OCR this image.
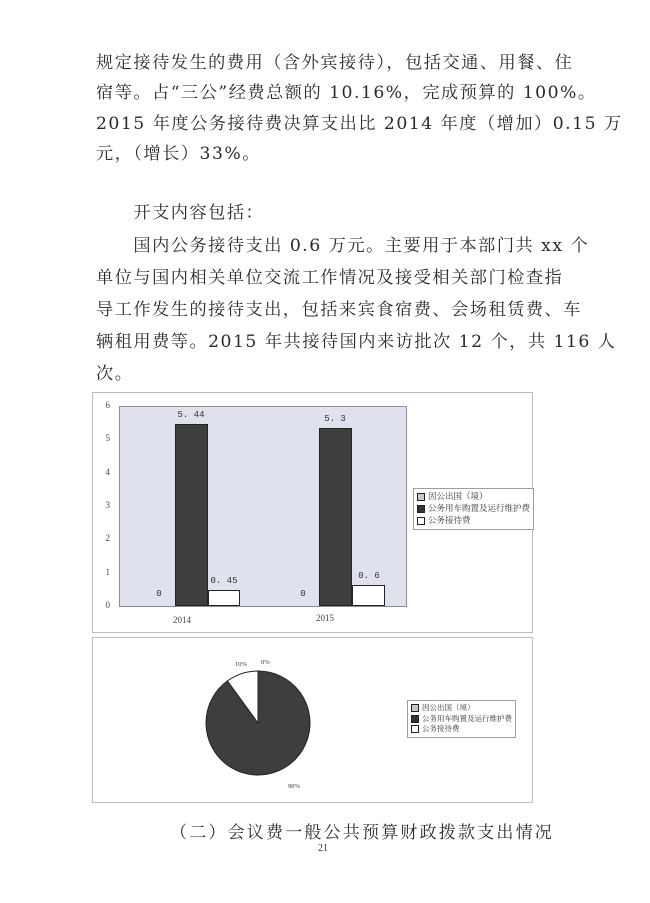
规定接待发生的费用（含外宾接待），包括交通、用餐、住
宿等。占“三公”经费总额的 10.16%，完成预算的 100%。
2015 年度公务接待费决算支出比 2014 年度（增加）0.15 万
元，（增长）33%。
　　开支内容包括：
　　国内公务接待支出 0.6 万元。主要用于本部门共 xx 个
单位与国内相关单位交流工作情况及接受相关部门检查指
导工作发生的接待支出，包括来宾食宿费、会场租赁费、车
辆租用费等。2015 年共接待国内来访批次 12 个，共 116 人
次。
0
1
2
3
4
5
6
0
5. 44
0. 45
0
5. 3
0. 6
2014	2015
因公出国（境）
公务用车购置及运行维护费
公务接待费
10% 0%
90%
因公出国（境）
公务用车购置及运行维护费
公务接待费
（二）会议费一般公共预算财政拨款支出情况
21
